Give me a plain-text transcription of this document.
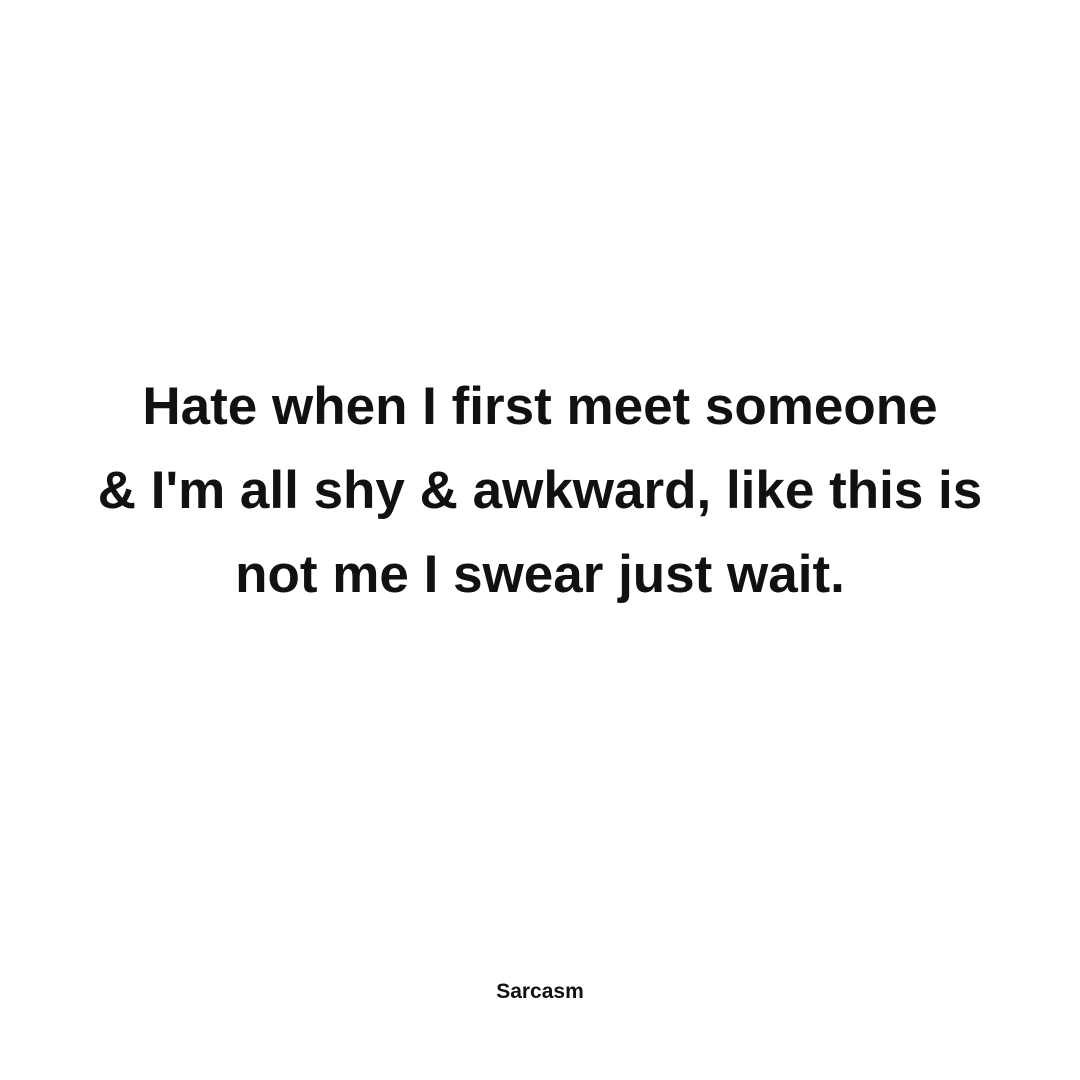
Hate when I first meet someone
& I'm all shy & awkward, like this is
not me I swear just wait.
Sarcasm
